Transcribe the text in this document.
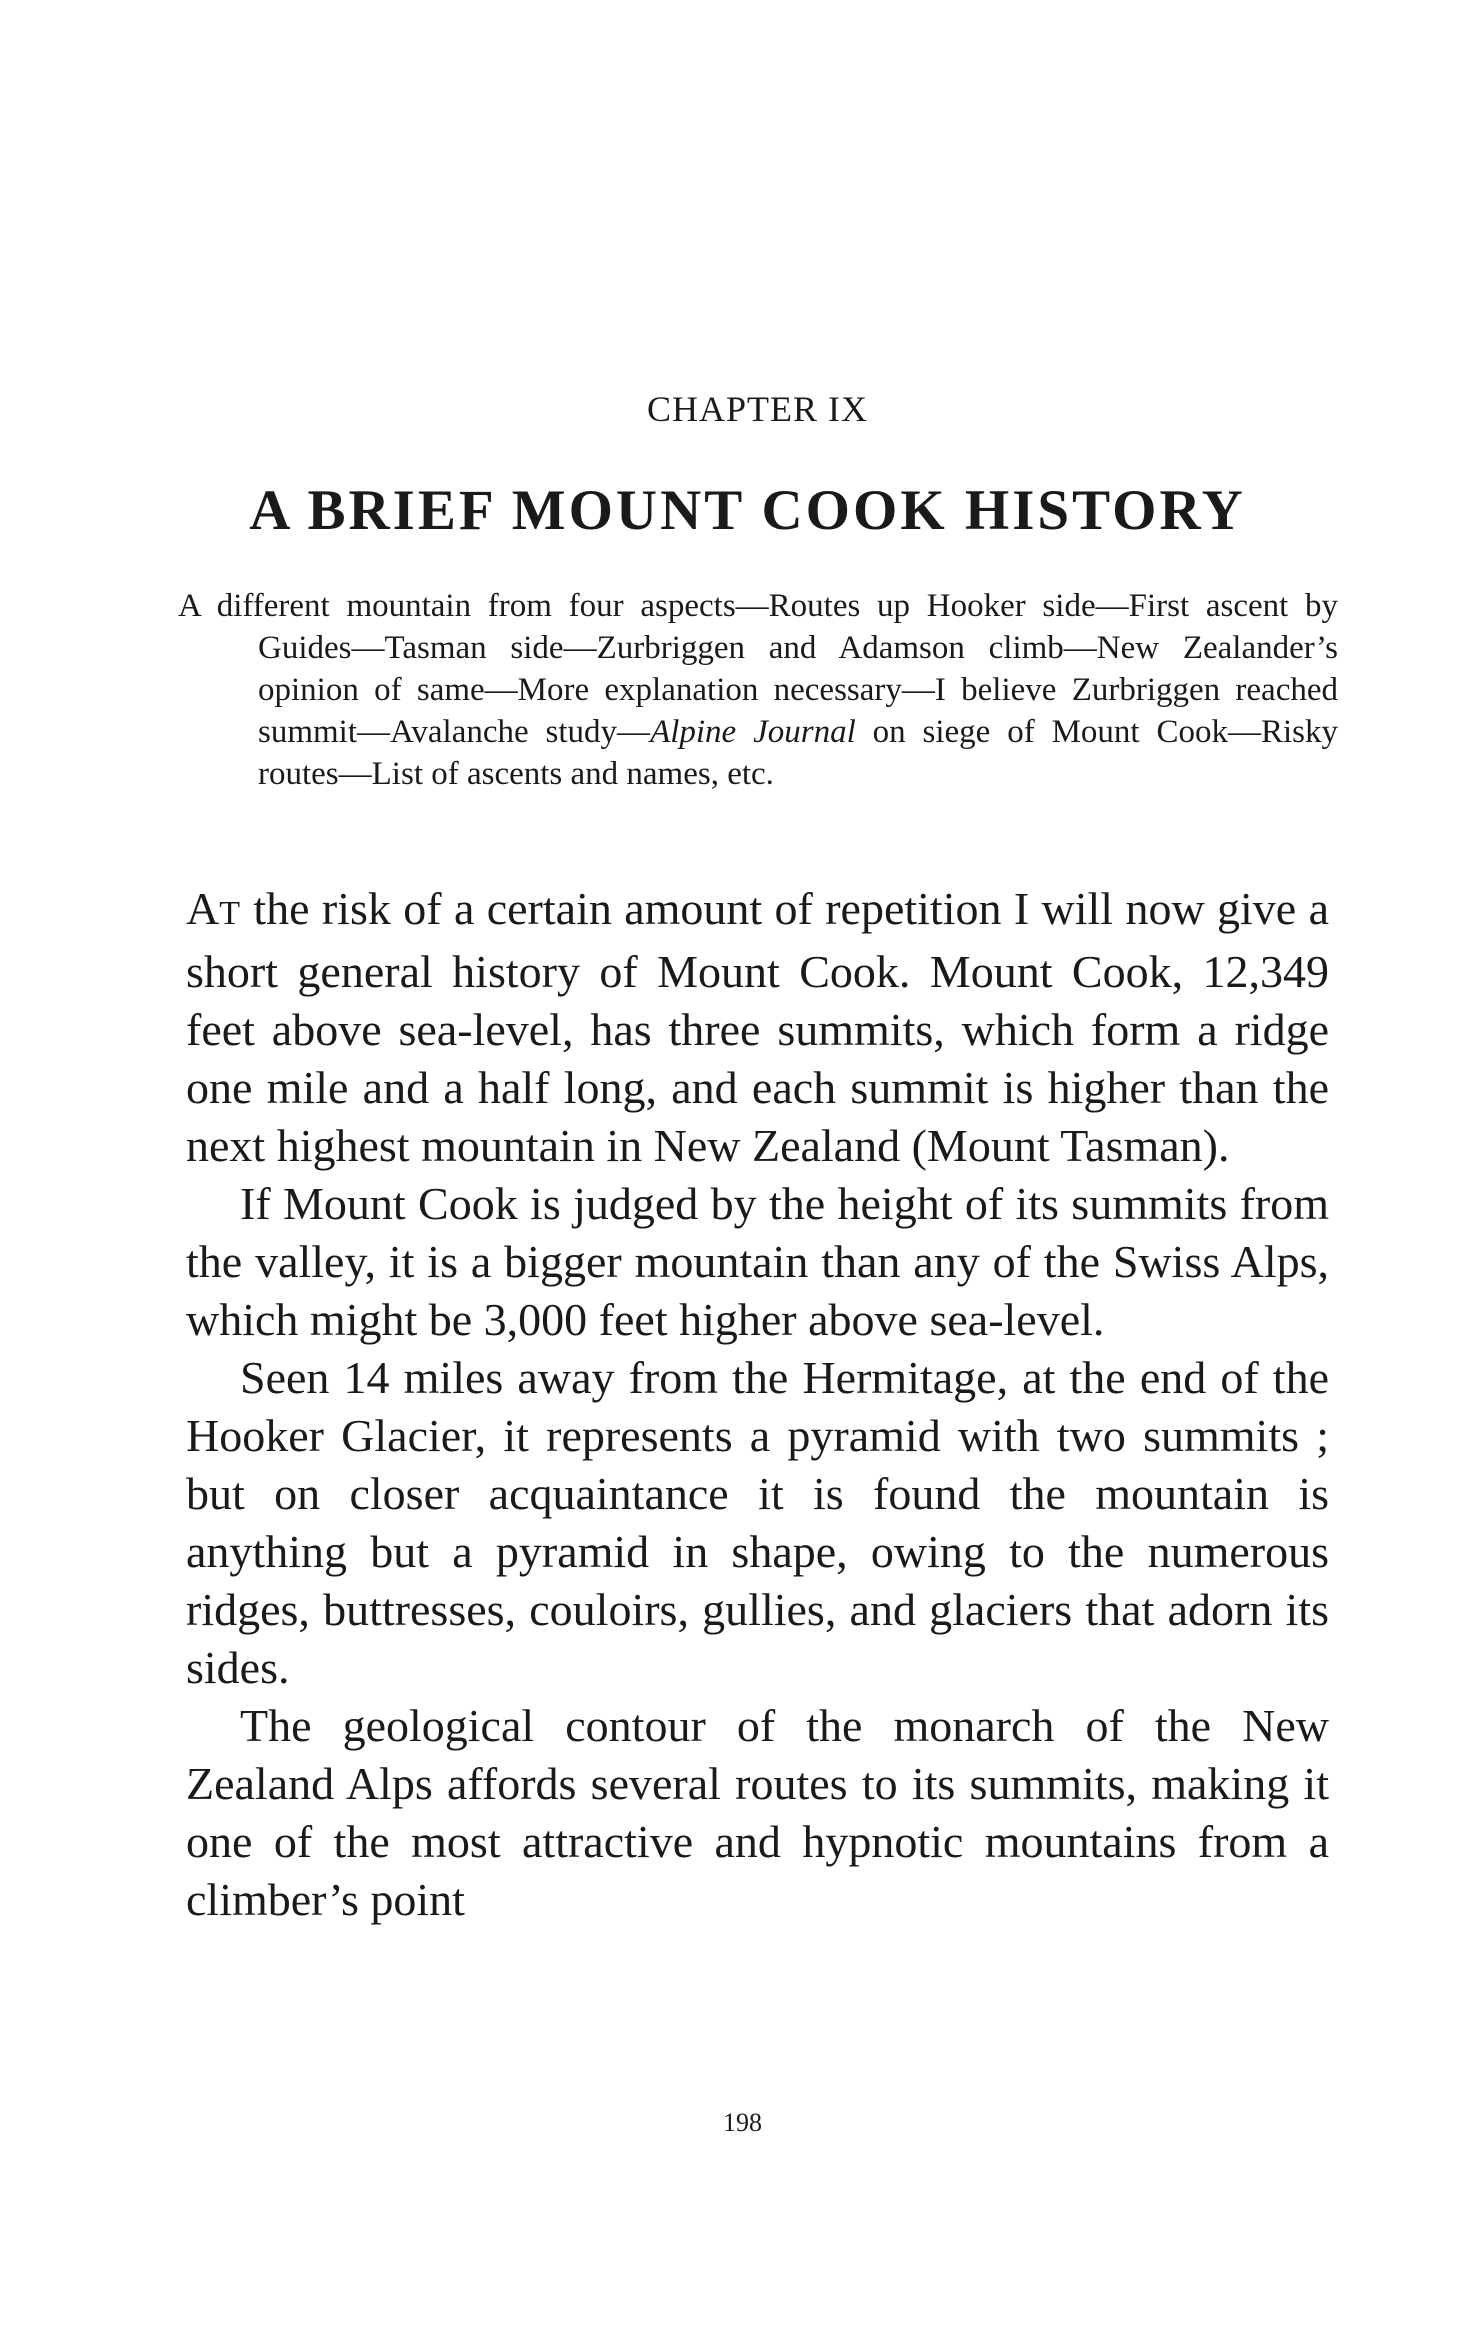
CHAPTER IX
A BRIEF MOUNT COOK HISTORY
A different mountain from four aspects—Routes up Hooker side—First ascent by Guides—Tasman side—Zurbriggen and Adamson climb—New Zealander’s opinion of same—More explanation necessary—I believe Zurbriggen reached summit—Avalanche study—Alpine Journal on siege of Mount Cook—Risky routes—List of ascents and names, etc.

AT the risk of a certain amount of repetition I will now give a short general history of Mount Cook. Mount Cook, 12,349 feet above sea-level, has three summits, which form a ridge one mile and a half long, and each summit is higher than the next highest mountain in New Zealand (Mount Tasman).

If Mount Cook is judged by the height of its summits from the valley, it is a bigger mountain than any of the Swiss Alps, which might be 3,000 feet higher above sea-level.

Seen 14 miles away from the Hermitage, at the end of the Hooker Glacier, it represents a pyramid with two summits ; but on closer acquaintance it is found the mountain is anything but a pyramid in shape, owing to the numerous ridges, buttresses, couloirs, gullies, and glaciers that adorn its sides.

The geological contour of the monarch of the New Zealand Alps affords several routes to its summits, making it one of the most attractive and hypnotic mountains from a climber’s point

198
